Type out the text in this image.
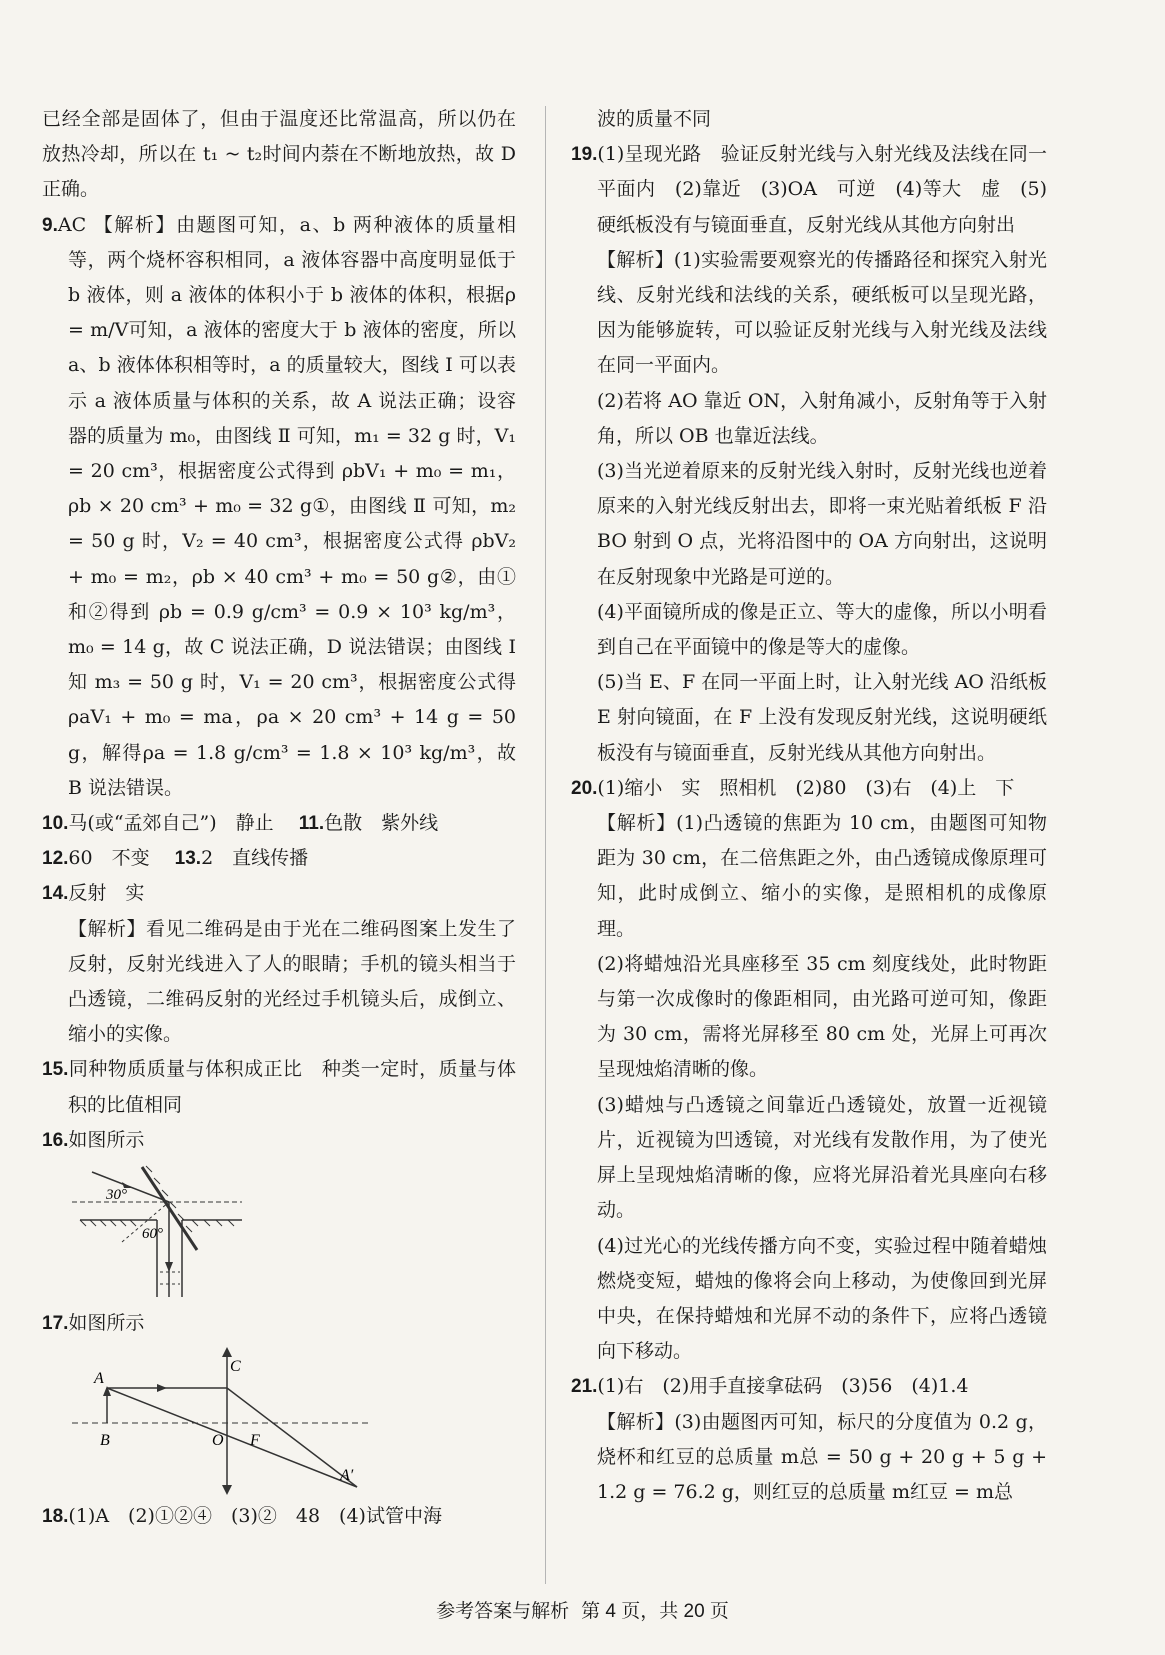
已经全部是固体了，但由于温度还比常温高，所以仍在放热冷却，所以在 t₁ ~ t₂时间内萘在不断地放热，故 D 正确。

9.AC 【解析】由题图可知，a、b 两种液体的质量相等，两个烧杯容积相同，a 液体容器中高度明显低于 b 液体，则 a 液体的体积小于 b 液体的体积，根据ρ = m/V可知，a 液体的密度大于 b 液体的密度，所以 a、b 液体体积相等时，a 的质量较大，图线 Ⅰ 可以表示 a 液体质量与体积的关系，故 A 说法正确；设容器的质量为 m₀，由图线 Ⅱ 可知，m₁ = 32 g 时，V₁ = 20 cm³，根据密度公式得到 ρbV₁ + m₀ = m₁，ρb × 20 cm³ + m₀ = 32 g①，由图线 Ⅱ 可知，m₂ = 50 g 时，V₂ = 40 cm³，根据密度公式得 ρbV₂ + m₀ = m₂，ρb × 40 cm³ + m₀ = 50 g②，由①和②得到 ρb = 0.9 g/cm³ = 0.9 × 10³ kg/m³，m₀ = 14 g，故 C 说法正确，D 说法错误；由图线 Ⅰ 知 m₃ = 50 g 时，V₁ = 20 cm³，根据密度公式得ρaV₁ + m₀ = ma，ρa × 20 cm³ + 14 g = 50 g，解得ρa = 1.8 g/cm³ = 1.8 × 10³ kg/m³，故 B 说法错误。

10.马(或“孟郊自己”)　静止　 11.色散　紫外线

12.60　不变　 13.2　直线传播

14.反射　实

【解析】看见二维码是由于光在二维码图案上发生了反射，反射光线进入了人的眼睛；手机的镜头相当于凸透镜，二维码反射的光经过手机镜头后，成倒立、缩小的实像。

15.同种物质质量与体积成正比　种类一定时，质量与体积的比值相同

16.如图所示

30°
60°

17.如图所示

A
C
B	O F
A′

18.(1)A　(2)①②④　(3)②　48　(4)试管中海

波的质量不同

19.(1)呈现光路　验证反射光线与入射光线及法线在同一平面内　(2)靠近　(3)OA　可逆　(4)等大　虚　(5)硬纸板没有与镜面垂直，反射光线从其他方向射出

【解析】(1)实验需要观察光的传播路径和探究入射光线、反射光线和法线的关系，硬纸板可以呈现光路，因为能够旋转，可以验证反射光线与入射光线及法线在同一平面内。

(2)若将 AO 靠近 ON，入射角减小，反射角等于入射角，所以 OB 也靠近法线。

(3)当光逆着原来的反射光线入射时，反射光线也逆着原来的入射光线反射出去，即将一束光贴着纸板 F 沿 BO 射到 O 点，光将沿图中的 OA 方向射出，这说明在反射现象中光路是可逆的。

(4)平面镜所成的像是正立、等大的虚像，所以小明看到自己在平面镜中的像是等大的虚像。

(5)当 E、F 在同一平面上时，让入射光线 AO 沿纸板 E 射向镜面，在 F 上没有发现反射光线，这说明硬纸板没有与镜面垂直，反射光线从其他方向射出。

20.(1)缩小　实　照相机　(2)80　(3)右　(4)上　下

【解析】(1)凸透镜的焦距为 10 cm，由题图可知物距为 30 cm，在二倍焦距之外，由凸透镜成像原理可知，此时成倒立、缩小的实像，是照相机的成像原理。

(2)将蜡烛沿光具座移至 35 cm 刻度线处，此时物距与第一次成像时的像距相同，由光路可逆可知，像距为 30 cm，需将光屏移至 80 cm 处，光屏上可再次呈现烛焰清晰的像。

(3)蜡烛与凸透镜之间靠近凸透镜处，放置一近视镜片，近视镜为凹透镜，对光线有发散作用，为了使光屏上呈现烛焰清晰的像，应将光屏沿着光具座向右移动。

(4)过光心的光线传播方向不变，实验过程中随着蜡烛燃烧变短，蜡烛的像将会向上移动，为使像回到光屏中央，在保持蜡烛和光屏不动的条件下，应将凸透镜向下移动。

21.(1)右　(2)用手直接拿砝码　(3)56　(4)1.4

【解析】(3)由题图丙可知，标尺的分度值为 0.2 g，烧杯和红豆的总质量 m总 = 50 g + 20 g + 5 g + 1.2 g = 76.2 g，则红豆的总质量 m红豆 = m总

参考答案与解析 第 4 页，共 20 页
